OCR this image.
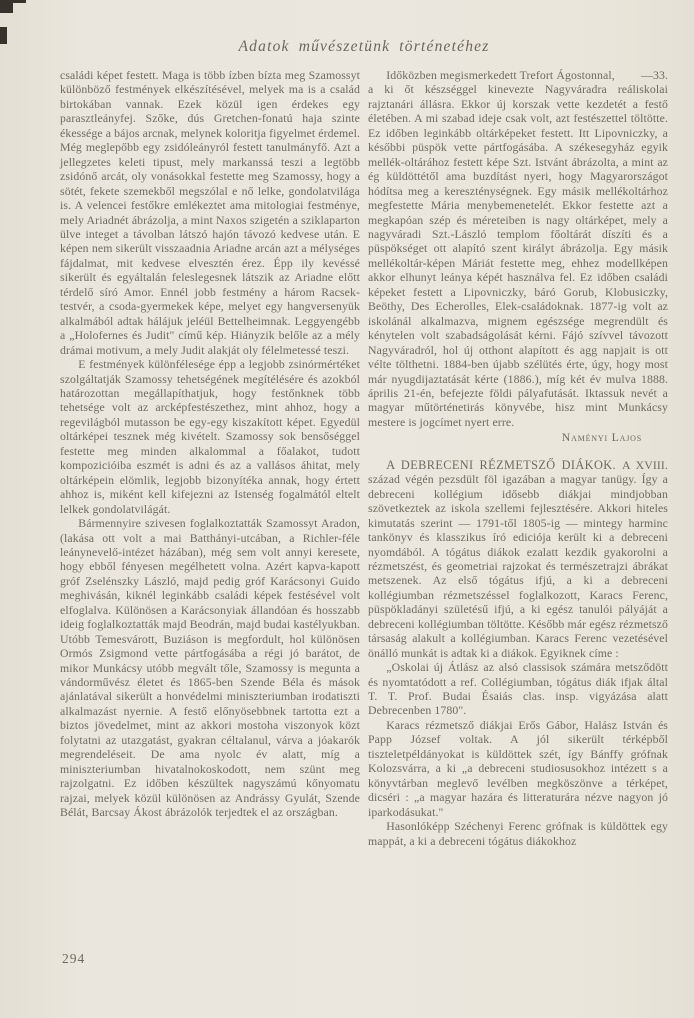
Adatok művészetünk történetéhez

családi képet festett. Maga is több ízben bízta meg Szamossyt különböző festmények elkészítésével, melyek ma is a család birtokában vannak. Ezek közül igen érdekes egy parasztleányfej. Szőke, dús Gretchen-fonatú haja szinte ékessége a bájos arcnak, melynek koloritja figyelmet érdemel. Még meglepőbb egy zsidóleányról festett tanulmányfő. Azt a jellegzetes keleti tipust, mely markanssá teszi a legtöbb zsidónő arcát, oly vonásokkal festette meg Szamossy, hogy a sötét, fekete szemekből megszólal e nő lelke, gondolatvilága is. A velencei festőkre emlékeztet ama mitologiai festménye, mely Ariadnét ábrázolja, a mint Naxos szigetén a sziklaparton ülve integet a távolban látszó hajón távozó kedvese után. E képen nem sikerült visszaadnia Ariadne arcán azt a mélységes fájdalmat, mit kedvese elvesztén érez. Épp ily kevéssé sikerült és egyáltalán feleslegesnek látszik az Ariadne előtt térdelő síró Amor. Ennél jobb festmény a három Racsek-testvér, a csoda-gyermekek képe, melyet egy hangversenyük alkalmából adtak hálájuk jeléül Bettelheimnak. Leggyengébb a „Holofernes és Judit" című kép. Hiányzik belőle az a mély drámai motivum, a mely Judit alakját oly félelmetessé teszi.

E festmények különfélesége épp a legjobb zsinórmértéket szolgáltatják Szamossy tehetségének megítélésére és azokból határozottan megállapíthatjuk, hogy festőnknek több tehetsége volt az arcképfestészethez, mint ahhoz, hogy a regevilágból mutasson be egy-egy kiszakított képet. Egyedül oltárképei tesznek még kivételt. Szamossy sok bensőséggel festette meg minden alkalommal a főalakot, tudott kompozicióiba eszmét is adni és az a vallásos áhitat, mely oltárképein elömlik, legjobb bizonyítéka annak, hogy értett ahhoz is, miként kell kifejezni az Istenség fogalmától eltelt lelkek gondolatvilágát.

Bármennyire szivesen foglalkoztatták Szamossyt Aradon, (lakása ott volt a mai Batthányi-utcában, a Richler-féle leánynevelő-intézet házában), még sem volt annyi keresete, hogy ebből fényesen megélhetett volna. Azért kapva-kapott gróf Zselénszky László, majd pedig gróf Karácsonyi Guido meghivásán, kiknél leginkább családi képek festésével volt elfoglalva. Különösen a Karácsonyiak állandóan és hosszabb ideig foglalkoztatták majd Beodrán, majd budai kastélyukban. Utóbb Temesvárott, Buziáson is megfordult, hol különösen Ormós Zsigmond vette pártfogásába a régi jó barátot, de mikor Munkácsy utóbb megvált tőle, Szamossy is megunta a vándorművész életet és 1865-ben Szende Béla és mások ajánlatával sikerült a honvédelmi miniszteriumban irodatiszti alkalmazást nyernie. A festő előnyösebbnek tartotta ezt a biztos jövedelmet, mint az akkori mostoha viszonyok közt folytatni az utazgatást, gyakran céltalanul, várva a jóakarók megrendeléseit. De ama nyolc év alatt, míg a miniszteriumban hivatalnokoskodott, nem szünt meg rajzolgatni. Ez időben készültek nagyszámú kőnyomatu rajzai, melyek közül különösen az Andrássy Gyulát, Szende Bélát, Barcsay Ákost ábrázolók terjedtek el az országban.

—33.
Időközben megismerkedett Trefort Ágostonnal, a ki őt készséggel kinevezte Nagyváradra reáliskolai rajztanári állásra. Ekkor új korszak vette kezdetét a festő életében. A mi szabad ideje csak volt, azt festészettel töltötte. Ez időben leginkább oltárképeket festett. Itt Lipovniczky, a későbbi püspök vette pártfogásába. A székesegyház egyik mellék-oltárához festett képe Szt. Istvánt ábrázolta, a mint az ég küldöttétől ama buzdítást nyeri, hogy Magyarországot hódítsa meg a kereszténységnek. Egy másik mellékoltárhoz megfestette Mária menybemenetelét. Ekkor festette azt a megkapóan szép és méreteiben is nagy oltárképet, mely a nagyváradi Szt.-László templom főoltárát díszíti és a püspökséget ott alapító szent királyt ábrázolja. Egy másik mellékoltár-képen Máriát festette meg, ehhez modellképen akkor elhunyt leánya képét használva fel. Ez időben családi képeket festett a Lipovniczky, báró Gorub, Klobusiczky, Beöthy, Des Echerolles, Elek-családoknak. 1877-ig volt az iskolánál alkalmazva, mignem egészsége megrendült és kénytelen volt szabadságolását kérni. Fájó szívvel távozott Nagyváradról, hol új otthont alapított és agg napjait is ott vélte tölthetni. 1884-ben újabb szélütés érte, úgy, hogy most már nyugdijaztatását kérte (1886.), míg két év mulva 1888. április 21-én, befejezte földi pályafutását. Iktassuk nevét a magyar műtörténetirás könyvébe, hisz mint Munkácsy mestere is jogcímet nyert erre.

Naményi Lajos

A DEBRECENI RÉZMETSZŐ DIÁKOK. A XVIII. század végén pezsdült föl igazában a magyar tanügy. Így a debreceni kollégium idősebb diákjai mindjobban szövetkeztek az iskola szellemi fejlesztésére. Akkori hiteles kimutatás szerint — 1791-től 1805-ig — mintegy harminc tankönyv és klasszikus író ediciója került ki a debreceni nyomdából. A tógátus diákok ezalatt kezdik gyakorolni a rézmetszést, és geometriai rajzokat és természetrajzi ábrákat metszenek. Az első tógátus ifjú, a ki a debreceni kollégiumban rézmetszéssel foglalkozott, Karacs Ferenc, püspökladányi születésű ifjú, a ki egész tanulói pályáját a debreceni kollégiumban töltötte. Később már egész rézmetsző társaság alakult a kollégiumban. Karacs Ferenc vezetésével önálló munkát is adtak ki a diákok. Egyiknek címe :

„Oskolai új Átlász az alsó classisok számára metsződött és nyomtatódott a ref. Collégiumban, tógátus diák ifjak által T. T. Prof. Budai Ésaiás clas. insp. vigyázása alatt Debrecenben 1780".

Karacs rézmetsző diákjai Erős Gábor, Halász István és Papp József voltak. A jól sikerült térképből tiszteletpéldányokat is küldöttek szét, így Bánffy grófnak Kolozsvárra, a ki „a debreceni studiosusokhoz intézett s a könyvtárban meglevő levélben megköszönve a térképet, dicséri : „a magyar hazára és litteraturára nézve nagyon jó iparkodásukat."

Hasonlóképp Széchenyi Ferenc grófnak is küldöttek egy mappát, a ki a debreceni tógátus diákokhoz

294
